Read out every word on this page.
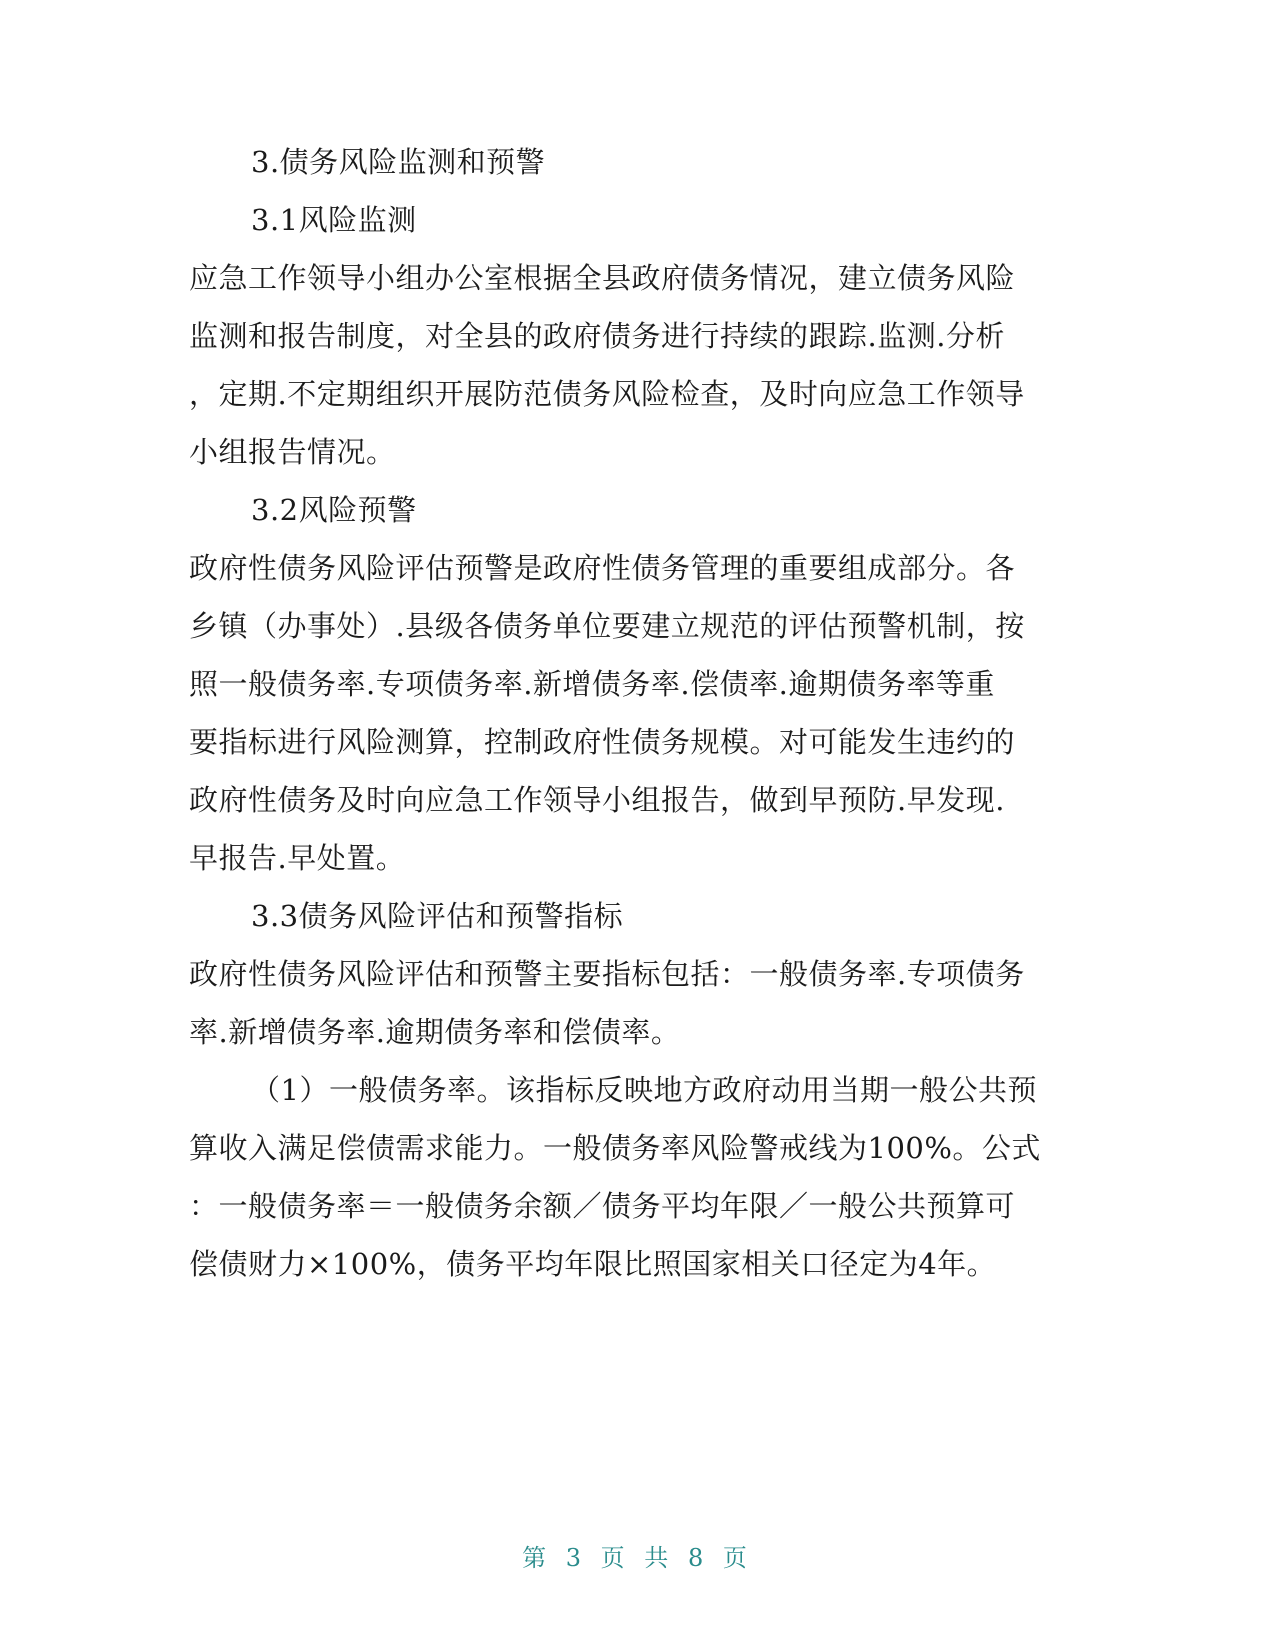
3.债务风险监测和预警
3.1风险监测
应急工作领导小组办公室根据全县政府债务情况，建立债务风险
监测和报告制度，对全县的政府债务进行持续的跟踪.监测.分析
，定期.不定期组织开展防范债务风险检查，及时向应急工作领导
小组报告情况。
3.2风险预警
政府性债务风险评估预警是政府性债务管理的重要组成部分。各
乡镇（办事处）.县级各债务单位要建立规范的评估预警机制，按
照一般债务率.专项债务率.新增债务率.偿债率.逾期债务率等重
要指标进行风险测算，控制政府性债务规模。对可能发生违约的
政府性债务及时向应急工作领导小组报告，做到早预防.早发现.
早报告.早处置。
3.3债务风险评估和预警指标
政府性债务风险评估和预警主要指标包括：一般债务率.专项债务
率.新增债务率.逾期债务率和偿债率。
（1）一般债务率。该指标反映地方政府动用当期一般公共预
算收入满足偿债需求能力。一般债务率风险警戒线为100%。公式
：一般债务率＝一般债务余额／债务平均年限／一般公共预算可
偿债财力×100%，债务平均年限比照国家相关口径定为4年。
第 3 页 共 8 页
